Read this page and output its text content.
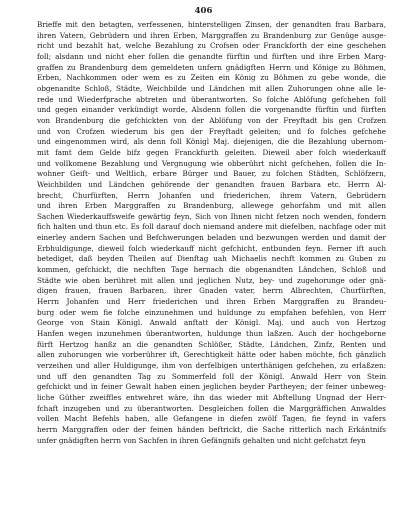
406
Brieffe mit den betagten, verfessenen, hinterstelligen Zinsen, der genandten frau Barbara,
ihren Vatern, Gebrüdern und ihren Erben, Marggraffen zu Brandenburg zur Genüge ausge-
richt und bezahlt hat, welche Bezahlung zu Crofsen oder Franckforth der eine geschehen
foll; alsdann und nicht eher follen die genandte fürftin und fürften und ihre Erben Marg-
graffen zu Brandenburg dem gemeldeten unfern gnädigften Herrn und Könige zu Böhmen,
Erben, Nachkommen oder wem es zu Zeiten ein König zu Böhmen zu gebe wonde, die
obgenandte Schloß, Städte, Weichbilde und Ländchen mit allen Zuhorungen ohne alle Ie-
rede und Wiederfprache abtreten und überantworten. So folche Ablöfung gefchehen foll
und gegen einander verkündigt worde, Alsdenn follen die vorgenandte fürftin und fürften
von Brandenburg die gefchickten von der Ablöfung von der Freyftadt bis gen Crofzen
und von Crofzen wiederum bis gen der Freyftadt geleiten; und fo folches gefchehe
und eingenommen wird, als denn foll Königl Maj. diejenigen, die die Bezahlung ubernom-
mit famt dem Gelde bifz gegen Franckfurth geleiten. Dieweil aber folch wiederkauff
und vollkomene Bezahlung und Vergnugung wie obberührt nicht gefchehen, follen die In-
wohner Geift- und Weltlich, erbare Bürger und Bauer, zu folchen Städten, Schlöfzern,
Weichbilden und Ländchen gehörende der genandten frauen Barbara etc. Herrn Al-
brecht, Churfürften, Herrn Johanfen und friederichen, ihrem Vatern, Gebrüdern
und ihren Erben Marggraffen zu Brandenburg, allewege gehorfahm und mit allen
Sachen Wiederkauffsweife gewärtig feyn, Sich von Ihnen nicht fetzen noch wenden, fondern
fich halten und thun etc. Es foll darauf doch niemand andere mit diefelben, nachfage oder mit
einerley andern Sachen und Befchwerungen beladen und bezwungen werden und damit der
Erbhuldigunge, dieweil folch wiederkauff nicht gefchicht, entbunden feyn. Ferner ift auch
betediget, daß beyden Theilen auf Dienftag uah Michaelis nechft kommen zu Guben zu
kommen, gefchickt, die nechften Tage hernach die obgenandten Ländchen, Schloß und
Städte wie oben berühret mit allen und jeglichen Nutz, bey- und zugehorunge oder gnä-
digen frauen, frauen Barbaren, ihrer Gnaden vater, herrn Albrechten, Churfürften,
Herrn Johanfen und Herr friederichen und ihren Erben Marggraffen zu Brandeu-
burg oder wem fie folche einzunehmen und huldunge zu empfahen befehlen, von Herr
George von Stain Königl. Anwald anftatt der Königl. Maj. und auch von Hertzog
Hanfen wegen inzunehmen überantworten, huldunge thun laßzen. Auch der hochgeborne
fürft Hertzog hanßz an die genandten Schlößer, Städte, Ländchen, Zinfz, Renten und
allen zuhorungen wie vorberührer ift, Gerechtigkeit hätte oder haben möchte, fich gänzlich
verzeihen und aller Huldigunge, ihm von derfelbigen unterthänigen gefchehen, zu erlaßzen:
und uff den genandten Tag zu Sommerfeld foll der Königl. Anwald Herr von Stein
gefchickt und in feiner Gewalt haben einen jeglichen beyder Partheyen; der feiner unbeweg-
liche Güther zweiffles entwehret wäre, ihn das wieder mit Abftellung Ungnad der Herr-
fchaft inzugeben und zu überantworten. Desgleichen follen die Marggräffichen Anwaldes
vollen Macht Befehls haben, alle Gefangene in diefen zwölf Tagen, fie feynd in vafers
herrn Marggraffen oder der feinen händen beftrickt, die Sache ritterlich nach Erkäntnifs
unfer gnädigften herrn von Sachfen in ihren Gefängnifs gehalten und nicht gefchatzt feyn
